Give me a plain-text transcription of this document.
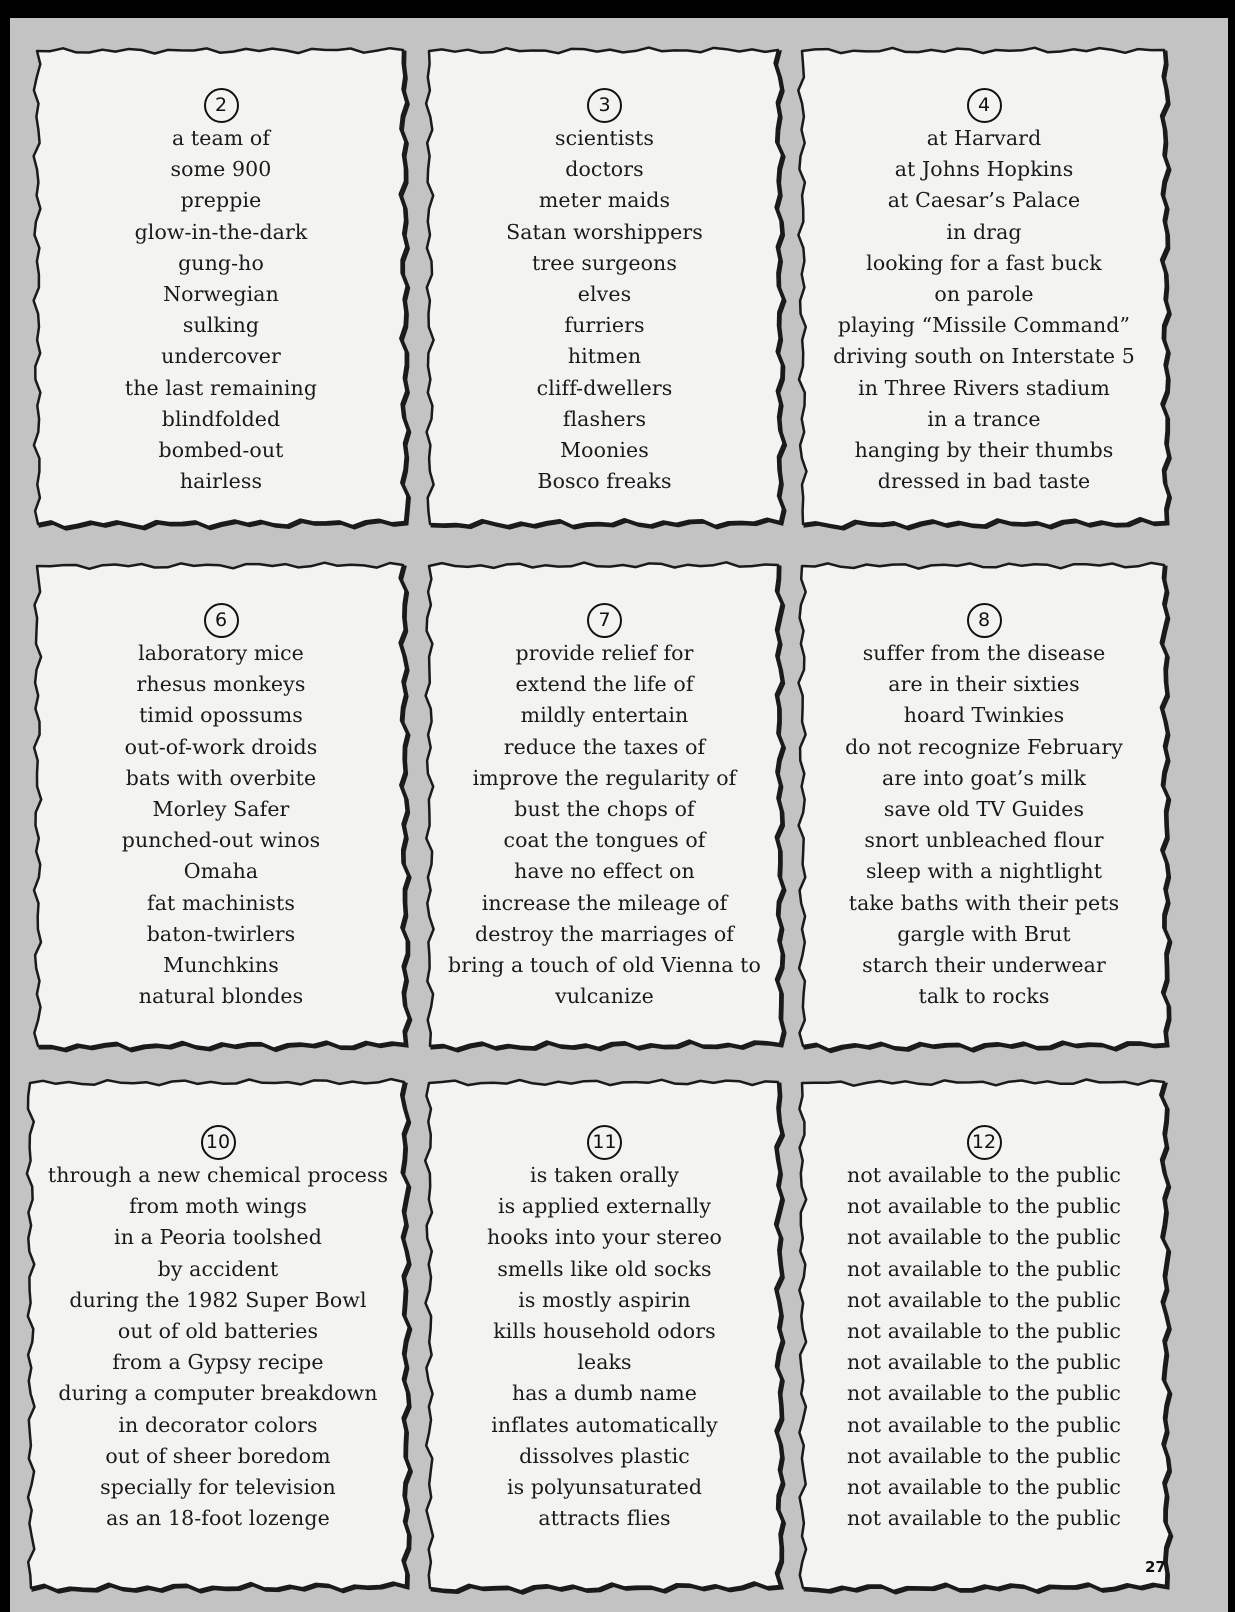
2
a team of
some 900
preppie
glow-in-the-dark
gung-ho
Norwegian
sulking
undercover
the last remaining
blindfolded
bombed-out
hairless
3
scientists
doctors
meter maids
Satan worshippers
tree surgeons
elves
furriers
hitmen
cliff-dwellers
flashers
Moonies
Bosco freaks
4
at Harvard
at Johns Hopkins
at Caesar’s Palace
in drag
looking for a fast buck
on parole
playing “Missile Command”
driving south on Interstate 5
in Three Rivers stadium
in a trance
hanging by their thumbs
dressed in bad taste
6
laboratory mice
rhesus monkeys
timid opossums
out-of-work droids
bats with overbite
Morley Safer
punched-out winos
Omaha
fat machinists
baton-twirlers
Munchkins
natural blondes
7
provide relief for
extend the life of
mildly entertain
reduce the taxes of
improve the regularity of
bust the chops of
coat the tongues of
have no effect on
increase the mileage of
destroy the marriages of
bring a touch of old Vienna to
vulcanize
8
suffer from the disease
are in their sixties
hoard Twinkies
do not recognize February
are into goat’s milk
save old TV Guides
snort unbleached flour
sleep with a nightlight
take baths with their pets
gargle with Brut
starch their underwear
talk to rocks
10
through a new chemical process
from moth wings
in a Peoria toolshed
by accident
during the 1982 Super Bowl
out of old batteries
from a Gypsy recipe
during a computer breakdown
in decorator colors
out of sheer boredom
specially for television
as an 18-foot lozenge
11
is taken orally
is applied externally
hooks into your stereo
smells like old socks
is mostly aspirin
kills household odors
leaks
has a dumb name
inflates automatically
dissolves plastic
is polyunsaturated
attracts flies
12
not available to the public
not available to the public
not available to the public
not available to the public
not available to the public
not available to the public
not available to the public
not available to the public
not available to the public
not available to the public
not available to the public
not available to the public
27
